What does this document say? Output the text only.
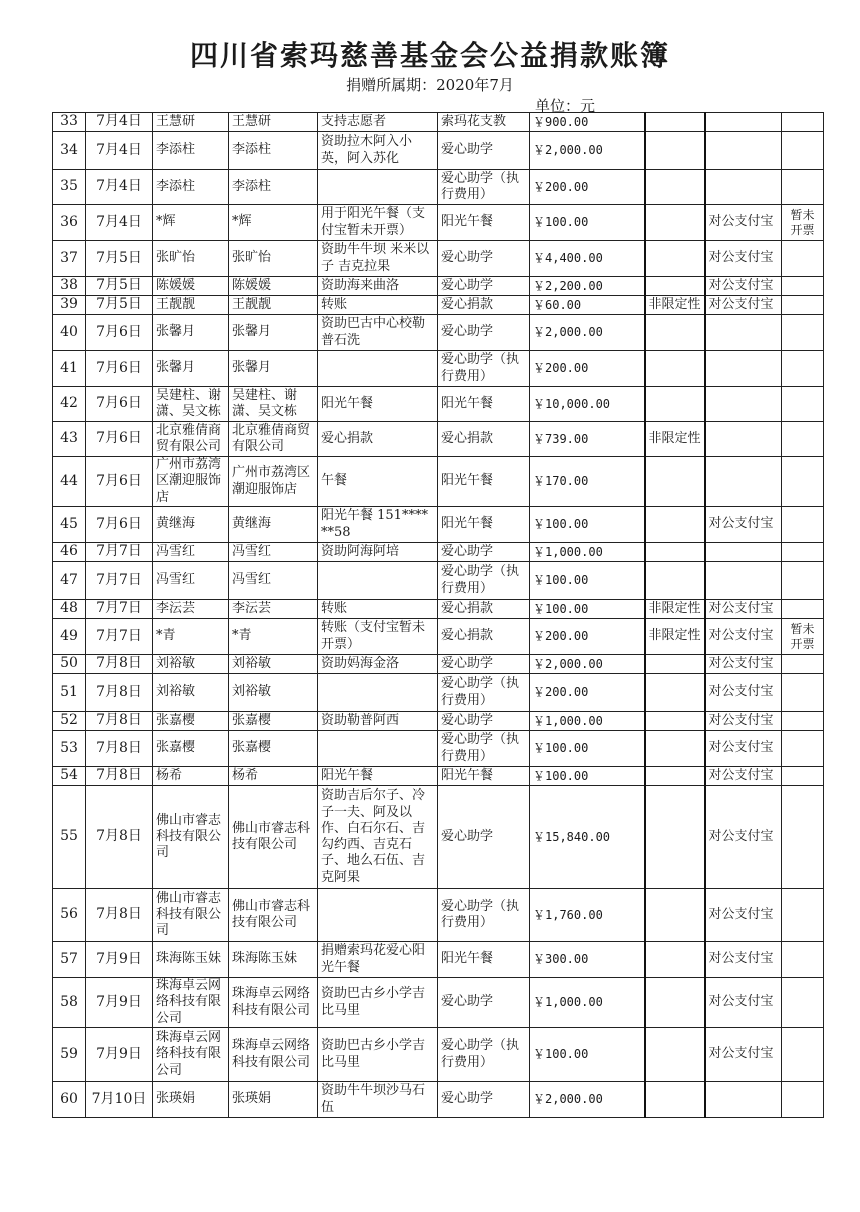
四川省索玛慈善基金会公益捐款账簿
捐赠所属期：2020年7月
单位：元
33	7月4日	王慧研	王慧研	支持志愿者	索玛花支教	￥900.00			
34	7月4日	李添柱	李添柱	资助拉木阿入小英，阿入苏化	爱心助学	￥2,000.00			
35	7月4日	李添柱	李添柱		爱心助学（执行费用）	￥200.00			
36	7月4日	*辉	*辉	用于阳光午餐（支付宝暂未开票）	阳光午餐	￥100.00		对公支付宝	暂未开票
37	7月5日	张旷怡	张旷怡	资助牛牛坝 米米以子 吉克拉果	爱心助学	￥4,400.00		对公支付宝	
38	7月5日	陈媛媛	陈媛媛	资助海来曲洛	爱心助学	￥2,200.00		对公支付宝	
39	7月5日	王靓靓	王靓靓	转账	爱心捐款	￥60.00	非限定性	对公支付宝	
40	7月6日	张馨月	张馨月	资助巴古中心校勒普石洗	爱心助学	￥2,000.00			
41	7月6日	张馨月	张馨月		爱心助学（执行费用）	￥200.00			
42	7月6日	吴建柱、谢潇、吴文栋	吴建柱、谢潇、吴文栋	阳光午餐	阳光午餐	￥10,000.00			
43	7月6日	北京雅倩商贸有限公司	北京雅倩商贸有限公司	爱心捐款	爱心捐款	￥739.00	非限定性		
44	7月6日	广州市荔湾区潮迎服饰店	广州市荔湾区潮迎服饰店	午餐	阳光午餐	￥170.00			
45	7月6日	黄继海	黄继海	阳光午餐 151******58	阳光午餐	￥100.00		对公支付宝	
46	7月7日	冯雪红	冯雪红	资助阿海阿培	爱心助学	￥1,000.00			
47	7月7日	冯雪红	冯雪红		爱心助学（执行费用）	￥100.00			
48	7月7日	李沄芸	李沄芸	转账	爱心捐款	￥100.00	非限定性	对公支付宝	
49	7月7日	*青	*青	转账（支付宝暂未开票）	爱心捐款	￥200.00	非限定性	对公支付宝	暂未开票
50	7月8日	刘裕敏	刘裕敏	资助妈海金洛	爱心助学	￥2,000.00		对公支付宝	
51	7月8日	刘裕敏	刘裕敏		爱心助学（执行费用）	￥200.00		对公支付宝	
52	7月8日	张嘉樱	张嘉樱	资助勒普阿西	爱心助学	￥1,000.00		对公支付宝	
53	7月8日	张嘉樱	张嘉樱		爱心助学（执行费用）	￥100.00		对公支付宝	
54	7月8日	杨希	杨希	阳光午餐	阳光午餐	￥100.00		对公支付宝	
55	7月8日	佛山市睿志科技有限公司	佛山市睿志科技有限公司	资助吉后尔子、冷子一夫、阿及以作、白石尔石、吉勾约西、吉克石子、地么石伍、吉克阿果	爱心助学	￥15,840.00		对公支付宝	
56	7月8日	佛山市睿志科技有限公司	佛山市睿志科技有限公司		爱心助学（执行费用）	￥1,760.00		对公支付宝	
57	7月9日	珠海陈玉妹	珠海陈玉妹	捐赠索玛花爱心阳光午餐	阳光午餐	￥300.00		对公支付宝	
58	7月9日	珠海卓云网络科技有限公司	珠海卓云网络科技有限公司	资助巴古乡小学吉比马里	爱心助学	￥1,000.00		对公支付宝	
59	7月9日	珠海卓云网络科技有限公司	珠海卓云网络科技有限公司	资助巴古乡小学吉比马里	爱心助学（执行费用）	￥100.00		对公支付宝	
60	7月10日	张瑛娟	张瑛娟	资助牛牛坝沙马石伍	爱心助学	￥2,000.00			
